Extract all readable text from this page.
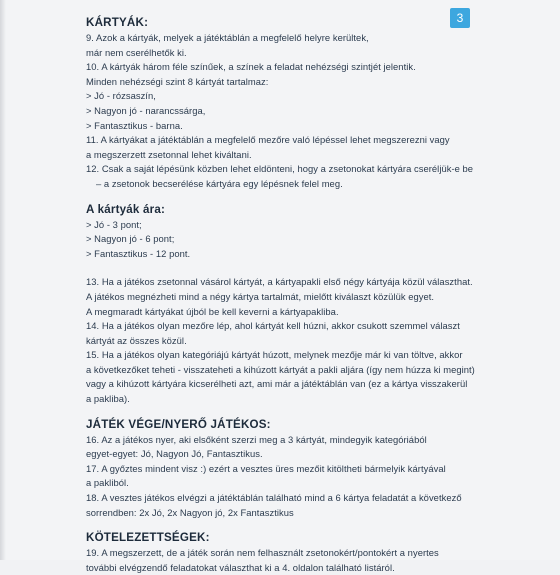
3
KÁRTYÁK:

9. Azok a kártyák, melyek a játéktáblán a megfelelő helyre kerültek,

már nem cserélhetők ki.

10. A kártyák három féle színűek, a színek a feladat nehézségi szintjét jelentik.

Minden nehézségi szint 8 kártyát tartalmaz:

> Jó - rózsaszín,

> Nagyon jó - narancssárga,

> Fantasztikus - barna.

11. A kártyákat a játéktáblán a megfelelő mezőre való lépéssel lehet megszerezni vagy

a megszerzett zsetonnal lehet kiváltani.

12. Csak a saját lépésünk közben lehet eldönteni, hogy a zsetonokat kártyára cseréljük-e be

– a zsetonok becserélése kártyára egy lépésnek felel meg.

A kártyák ára:

> Jó - 3 pont;

> Nagyon jó - 6 pont;

> Fantasztikus - 12 pont.

13. Ha a játékos zsetonnal vásárol kártyát, a kártyapakli első négy kártyája közül választhat.

A játékos megnézheti mind a négy kártya tartalmát, mielőtt kiválaszt közülük egyet.

A megmaradt kártyákat újból be kell keverni a kártyapakliba.

14. Ha a játékos olyan mezőre lép, ahol kártyát kell húzni, akkor csukott szemmel választ

kártyát az összes közül.

15. Ha a játékos olyan kategóriájú kártyát húzott, melynek mezője már ki van töltve, akkor

a következőket teheti - visszateheti a kihúzott kártyát a pakli aljára (így nem húzza ki megint)

vagy a kihúzott kártyára kicserélheti azt, ami már a játéktáblán van (ez a kártya visszakerül

a pakliba).

JÁTÉK VÉGE/NYERŐ JÁTÉKOS:

16. Az a játékos nyer, aki elsőként szerzi meg a 3 kártyát, mindegyik kategóriából

egyet-egyet: Jó, Nagyon Jó, Fantasztikus.

17. A győztes mindent visz :) ezért a vesztes üres mezőit kitöltheti bármelyik kártyával

a pakliból.

18. A vesztes játékos elvégzi a játéktáblán található mind a 6 kártya feladatát a következő

sorrendben: 2x Jó, 2x Nagyon jó, 2x Fantasztikus

KÖTELEZETTSÉGEK:

19. A megszerzett, de a játék során nem felhasznált zsetonokért/pontokért a nyertes

további elvégzendő feladatokat választhat ki a 4. oldalon található listáról.
